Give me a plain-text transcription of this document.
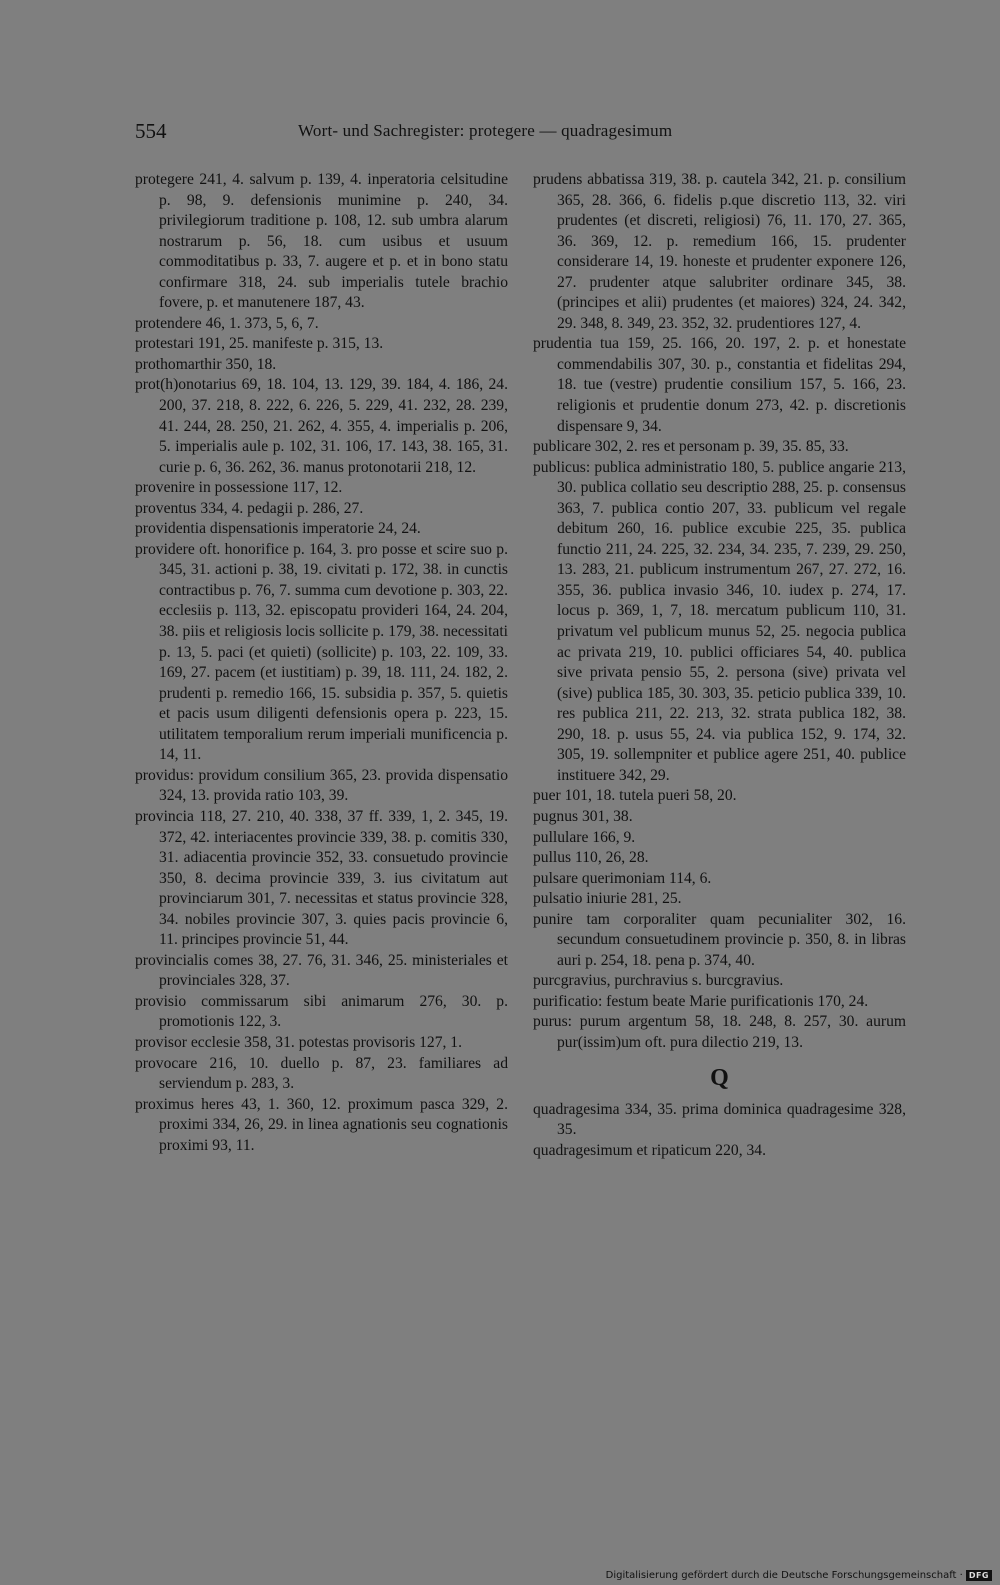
554	Wort- und Sachregister: protegere — quadragesimum

protegere 241, 4. salvum p. 139, 4. inperatoria celsitudine p. 98, 9. defensionis munimine p. 240, 34. privilegiorum traditione p. 108, 12. sub umbra alarum nostrarum p. 56, 18. cum usibus et usuum commoditatibus p. 33, 7. augere et p. et in bono statu confirmare 318, 24. sub imperialis tutele brachio fovere, p. et manutenere 187, 43.

protendere 46, 1. 373, 5, 6, 7.

protestari 191, 25. manifeste p. 315, 13.

prothomarthir 350, 18.

prot(h)onotarius 69, 18. 104, 13. 129, 39. 184, 4. 186, 24. 200, 37. 218, 8. 222, 6. 226, 5. 229, 41. 232, 28. 239, 41. 244, 28. 250, 21. 262, 4. 355, 4. imperialis p. 206, 5. imperialis aule p. 102, 31. 106, 17. 143, 38. 165, 31. curie p. 6, 36. 262, 36. manus protonotarii 218, 12.

provenire in possessione 117, 12.

proventus 334, 4. pedagii p. 286, 27.

providentia dispensationis imperatorie 24, 24.

providere oft. honorifice p. 164, 3. pro posse et scire suo p. 345, 31. actioni p. 38, 19. civitati p. 172, 38. in cunctis contractibus p. 76, 7. summa cum devotione p. 303, 22. ecclesiis p. 113, 32. episcopatu provideri 164, 24. 204, 38. piis et religiosis locis sollicite p. 179, 38. necessitati p. 13, 5. paci (et quieti) (sollicite) p. 103, 22. 109, 33. 169, 27. pacem (et iustitiam) p. 39, 18. 111, 24. 182, 2. prudenti p. remedio 166, 15. subsidia p. 357, 5. quietis et pacis usum diligenti defensionis opera p. 223, 15. utilitatem temporalium rerum imperiali munificencia p. 14, 11.

providus: providum consilium 365, 23. provida dispensatio 324, 13. provida ratio 103, 39.

provincia 118, 27. 210, 40. 338, 37 ff. 339, 1, 2. 345, 19. 372, 42. interiacentes provincie 339, 38. p. comitis 330, 31. adiacentia provincie 352, 33. consuetudo provincie 350, 8. decima provincie 339, 3. ius civitatum aut provinciarum 301, 7. necessitas et status provincie 328, 34. nobiles provincie 307, 3. quies pacis provincie 6, 11. principes provincie 51, 44.

provincialis comes 38, 27. 76, 31. 346, 25. ministeriales et provinciales 328, 37.

provisio commissarum sibi animarum 276, 30. p. promotionis 122, 3.

provisor ecclesie 358, 31. potestas provisoris 127, 1.

provocare 216, 10. duello p. 87, 23. familiares ad serviendum p. 283, 3.

proximus heres 43, 1. 360, 12. proximum pasca 329, 2. proximi 334, 26, 29. in linea agnationis seu cognationis proximi 93, 11.

prudens abbatissa 319, 38. p. cautela 342, 21. p. consilium 365, 28. 366, 6. fidelis p.que discretio 113, 32. viri prudentes (et discreti, religiosi) 76, 11. 170, 27. 365, 36. 369, 12. p. remedium 166, 15. prudenter considerare 14, 19. honeste et prudenter exponere 126, 27. prudenter atque salubriter ordinare 345, 38. (principes et alii) prudentes (et maiores) 324, 24. 342, 29. 348, 8. 349, 23. 352, 32. prudentiores 127, 4.

prudentia tua 159, 25. 166, 20. 197, 2. p. et honestate commendabilis 307, 30. p., constantia et fidelitas 294, 18. tue (vestre) prudentie consilium 157, 5. 166, 23. religionis et prudentie donum 273, 42. p. discretionis dispensare 9, 34.

publicare 302, 2. res et personam p. 39, 35. 85, 33.

publicus: publica administratio 180, 5. publice angarie 213, 30. publica collatio seu descriptio 288, 25. p. consensus 363, 7. publica contio 207, 33. publicum vel regale debitum 260, 16. publice excubie 225, 35. publica functio 211, 24. 225, 32. 234, 34. 235, 7. 239, 29. 250, 13. 283, 21. publicum instrumentum 267, 27. 272, 16. 355, 36. publica invasio 346, 10. iudex p. 274, 17. locus p. 369, 1, 7, 18. mercatum publicum 110, 31. privatum vel publicum munus 52, 25. negocia publica ac privata 219, 10. publici officiares 54, 40. publica sive privata pensio 55, 2. persona (sive) privata vel (sive) publica 185, 30. 303, 35. peticio publica 339, 10. res publica 211, 22. 213, 32. strata publica 182, 38. 290, 18. p. usus 55, 24. via publica 152, 9. 174, 32. 305, 19. sollempniter et publice agere 251, 40. publice instituere 342, 29.

puer 101, 18. tutela pueri 58, 20.

pugnus 301, 38.

pullulare 166, 9.

pullus 110, 26, 28.

pulsare querimoniam 114, 6.

pulsatio iniurie 281, 25.

punire tam corporaliter quam pecunialiter 302, 16. secundum consuetudinem provincie p. 350, 8. in libras auri p. 254, 18. pena p. 374, 40.

purcgravius, purchravius s. burcgravius.

purificatio: festum beate Marie purificationis 170, 24.

purus: purum argentum 58, 18. 248, 8. 257, 30. aurum pur(issim)um oft. pura dilectio 219, 13.

Q

quadragesima 334, 35. prima dominica quadragesime 328, 35.

quadragesimum et ripaticum 220, 34.

Digitalisierung gefördert durch die Deutsche Forschungsgemeinschaft · DFG
